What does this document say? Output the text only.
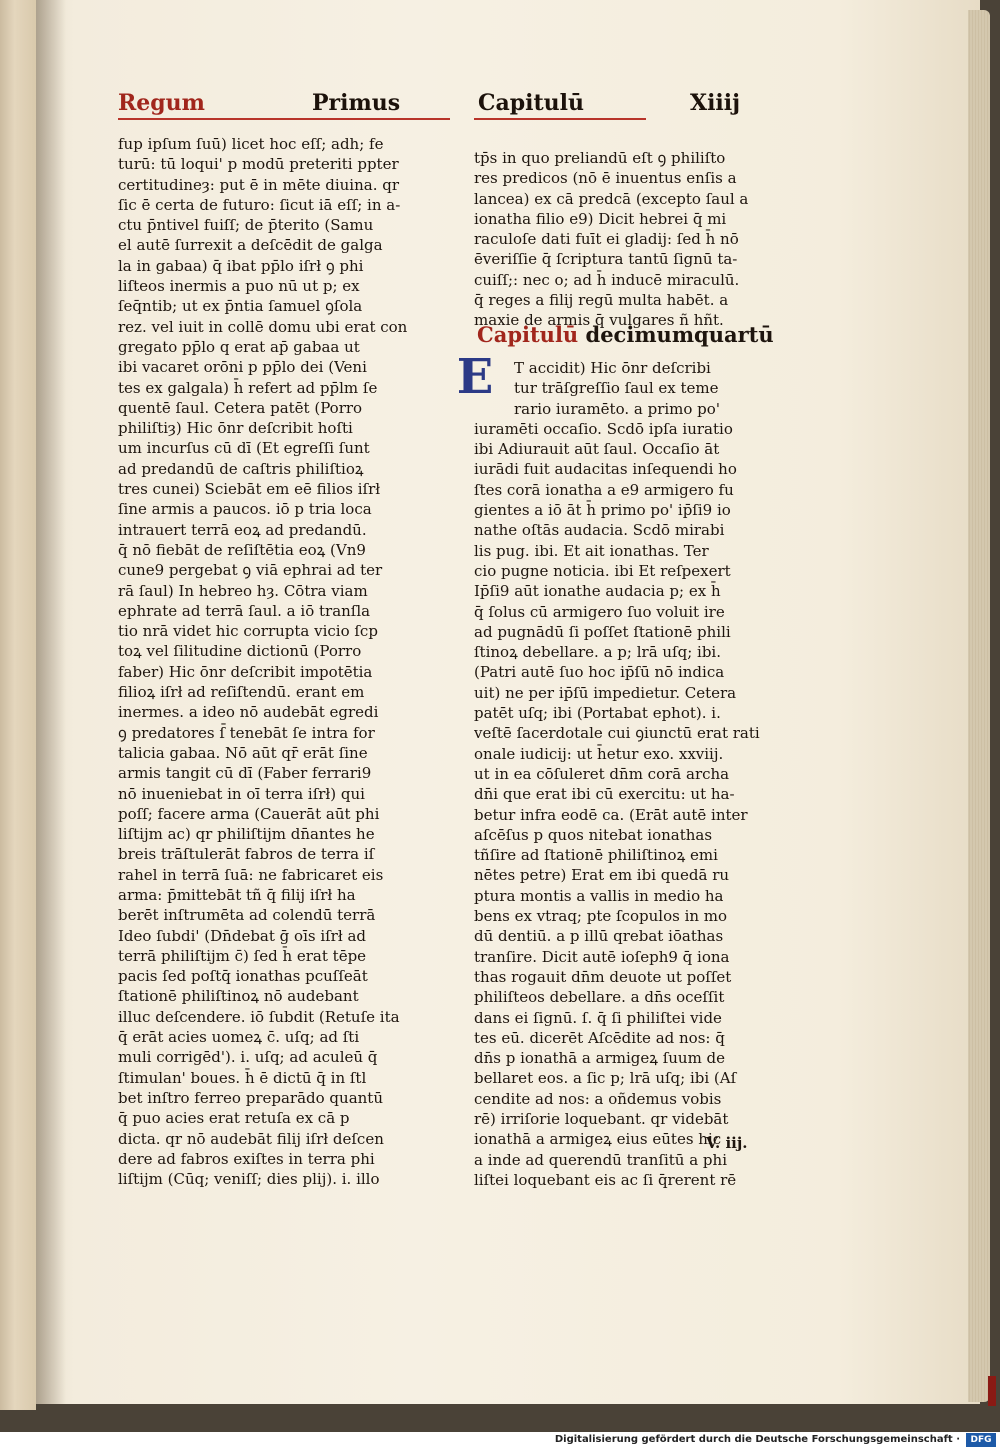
Regum	Primus	Capitulū	Xiiij
fup ipſum ſuū) licet hoc eſſ; adh; fe
turū: tū loqui' p modū preteriti ppter
certitudineȝ: put ē in mēte diuina. qr
ſic ē certa de futuro: ſicut iā eſſ; in a-
ctu p̄ntivel fuiſſ; de p̄terito (Samu
el autē ſurrexit a deſcēdit de galga
la in gabaa) q̄ ibat pp̄lo iſrł ꝯ phi
liſteos inermis a puo nū ut p; ex
ſeq̄ntib; ut ex p̄ntia ſamuel ꝯſola
rez. vel iuit in collē domu ubi erat con
gregato pp̄lo q erat ap̄ gabaa ut
ibi vacaret orōni p pp̄lo dei (Veni
tes ex galgala) h̄ refert ad pp̄lm ſe
quentē ſaul. Cetera patēt (Porro
philiſtiȝ) Hic ōnr deſcribit hoſti
um incurſus cū dī (Et egreſſi ſunt
ad predandū de caſtris philiſtioꝝ
tres cunei) Sciebāt em eē filios iſrł
ſine armis a paucos. iō p tria loca
intrauert terrā eoꝝ ad predandū.
q̄ nō fiebāt de reſiſtētia eoꝝ (Vn9
cune9 pergebat ꝯ viā ephrai ad ter
rā ſaul) In hebreo hȝ. Cōtra viam
ephrate ad terrā ſaul. a iō tranſla
tio nrā videt hic corrupta vicio ſcp
toꝝ vel ſilitudine dictionū (Porro
faber) Hic ōnr deſcribit impotētia
filioꝝ iſrł ad reſiſtendū. erant em
inermes. a ideo nō audebāt egredi
ꝯ predatores ſ̄ tenebāt ſe intra for
talicia gabaa. Nō aūt qr̄ erāt ſine
armis tangit cū dī (Faber ferrari9
nō inueniebat in oī terra iſrł) qui
poſſ; facere arma (Cauerāt aūt phi
liſtijm ac) qr philiſtijm dn̄antes he
breis trāſtulerāt fabros de terra iſ
rahel in terrā ſuā: ne fabricaret eis
arma: p̄mittebāt tñ q̄ filij iſrł ha
berēt inſtrumēta ad colendū terrā
Ideo ſubdi' (Dn̄debat ḡ oīs iſrł ad
terrā philiſtijm c̄) ſed h̄ erat tēpe
pacis ſed poſtq̄ ionathas pcuſſeāt
ſtationē philiſtinoꝝ nō audebant
illuc deſcendere. iō ſubdit (Retuſe ita
q̄ erāt acies uomeꝝ c̄. uſq; ad ſti
muli corrigēd'). i. uſq; ad aculeū q̄
ſtimulan' boues. h̄ ē dictū q̄ in ſtl
bet inſtro ferreo preparādo quantū
q̄ puo acies erat retuſa ex cā p
dicta. qr nō audebāt filij iſrł deſcen
dere ad fabros exiſtes in terra phi
liſtijm (Cūq; veniſſ; dies plij). i. illo
tp̄s in quo preliandū eſt ꝯ philiſto
res predicos (nō ē inuentus enſis a
lancea) ex cā predcā (excepto ſaul a
ionatha filio e9) Dicit hebrei q̄ mi
raculoſe dati fuīt ei gladij: ſed h̄ nō
ēveriſſie q̄ ſcriptura tantū ſignū ta-
cuiſſ;: nec o; ad h̄ inducē miraculū.
q̄ reges a filij regū multa habēt. a
maxie de armis q̄ vulgares ñ hñt.
Capitulū decimumquartū
E	T accidit) Hic ōnr deſcribi
tur trāſgreſſio ſaul ex teme
rario iuramēto. a primo po'
iuramēti occaſio. Scdō ipſa iuratio
ibi Adiurauit aūt ſaul. Occaſio āt
iurādi fuit audacitas inſequendi ho
ſtes corā ionatha a e9 armigero fu
gientes a iō āt h̄ primo po' ip̄ſi9 io
nathe oſtās audacia. Scdō mirabi
lis pug. ibi. Et ait ionathas. Ter
cio pugne noticia. ibi Et reſpexert
Ip̄ſi9 aūt ionathe audacia p; ex h̄
q̄ ſolus cū armigero ſuo voluit ire
ad pugnādū ſi poſſet ſtationē phili
ſtinoꝝ debellare. a p; lrā uſq; ibi.
(Patri autē ſuo hoc ip̄ſū nō indica
uit) ne per ip̄ſū impedietur. Cetera
patēt uſq; ibi (Portabat ephot). i.
veſtē ſacerdotale cui ꝯiunctū erat rati
onale iudicij: ut h̄etur exo. xxviij.
ut in ea cōſuleret dn̄m corā archa
dn̄i que erat ibi cū exercitu: ut ha-
betur infra eodē ca. (Erāt autē inter
aſcēſus p quos nitebat ionathas
tñſire ad ſtationē philiſtinoꝝ emi
nētes petre) Erat em ibi quedā ru
ptura montis a vallis in medio ha
bens ex vtraq; pte ſcopulos in mo
dū dentiū. a p illū qrebat iōathas
tranſire. Dicit autē ioſeph9 q̄ iona
thas rogauit dn̄m deuote ut poſſet
philiſteos debellare. a dn̄s oceſſit
dans ei ſignū. ſ. q̄ ſi philiſtei vide
tes eū. dicerēt Aſcēdite ad nos: q̄
dn̄s p ionathā a armigeꝝ ſuum de
bellaret eos. a ſic p; lrā uſq; ibi (Aſ
cendite ad nos: a oñdemus vobis
rē) irriſorie loquebant. qr videbāt
ionathā a armigeꝝ eius eūtes hic
a inde ad querendū tranſitū a phi
liſtei loquebant eis ac ſi q̄rerent rē
V. iij.
Digitalisierung gefördert durch die Deutsche Forschungsgemeinschaft ·	DFG
